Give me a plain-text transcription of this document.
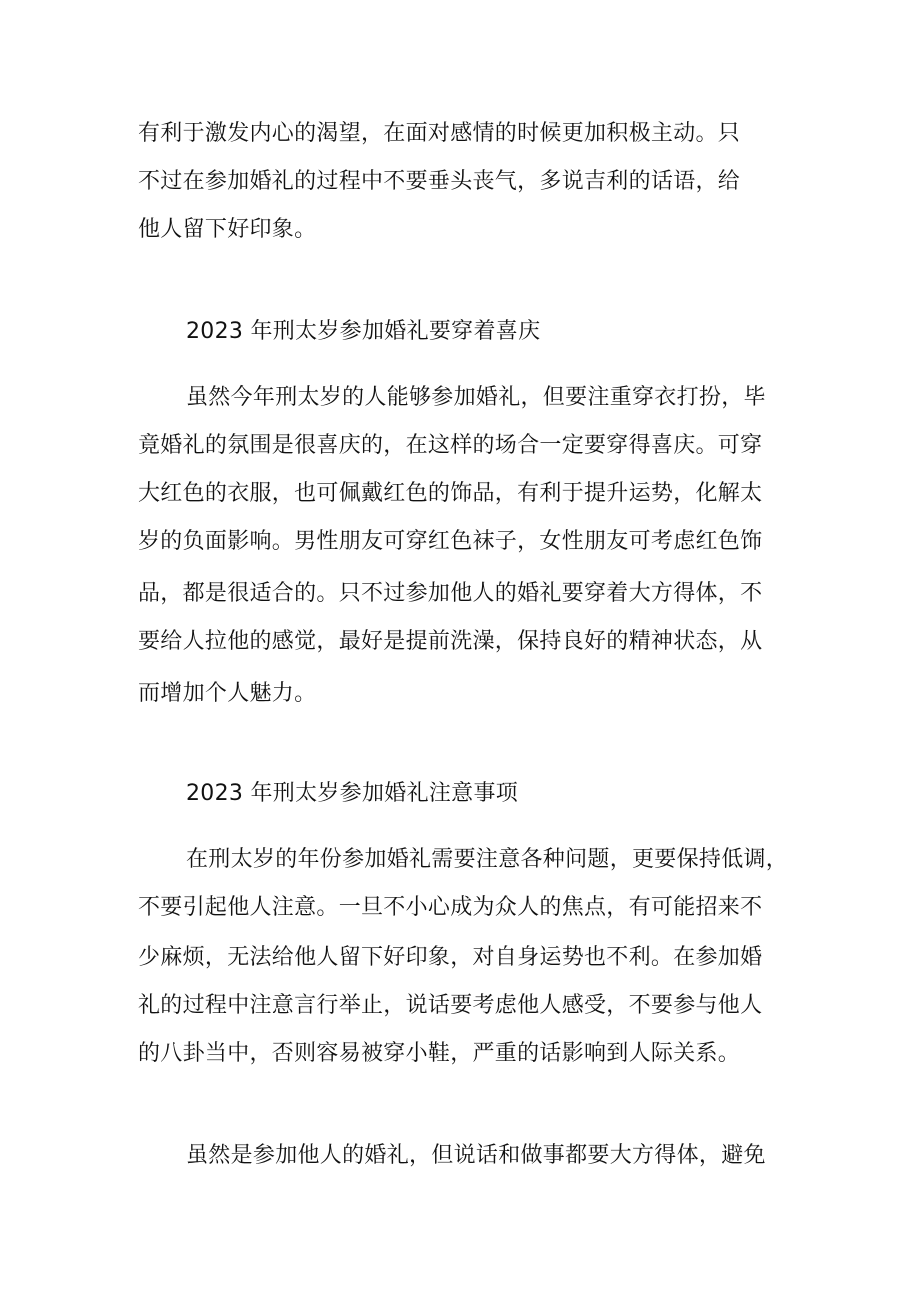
有利于激发内心的渴望，在面对感情的时候更加积极主动。只
不过在参加婚礼的过程中不要垂头丧气，多说吉利的话语，给
他人留下好印象。
2023 年刑太岁参加婚礼要穿着喜庆
虽然今年刑太岁的人能够参加婚礼，但要注重穿衣打扮，毕
竟婚礼的氛围是很喜庆的，在这样的场合一定要穿得喜庆。可穿
大红色的衣服，也可佩戴红色的饰品，有利于提升运势，化解太
岁的负面影响。男性朋友可穿红色袜子，女性朋友可考虑红色饰
品，都是很适合的。只不过参加他人的婚礼要穿着大方得体，不
要给人拉他的感觉，最好是提前洗澡，保持良好的精神状态，从
而增加个人魅力。
2023 年刑太岁参加婚礼注意事项
在刑太岁的年份参加婚礼需要注意各种问题，更要保持低调，
不要引起他人注意。一旦不小心成为众人的焦点，有可能招来不
少麻烦，无法给他人留下好印象，对自身运势也不利。在参加婚
礼的过程中注意言行举止，说话要考虑他人感受，不要参与他人
的八卦当中，否则容易被穿小鞋，严重的话影响到人际关系。
虽然是参加他人的婚礼，但说话和做事都要大方得体，避免
